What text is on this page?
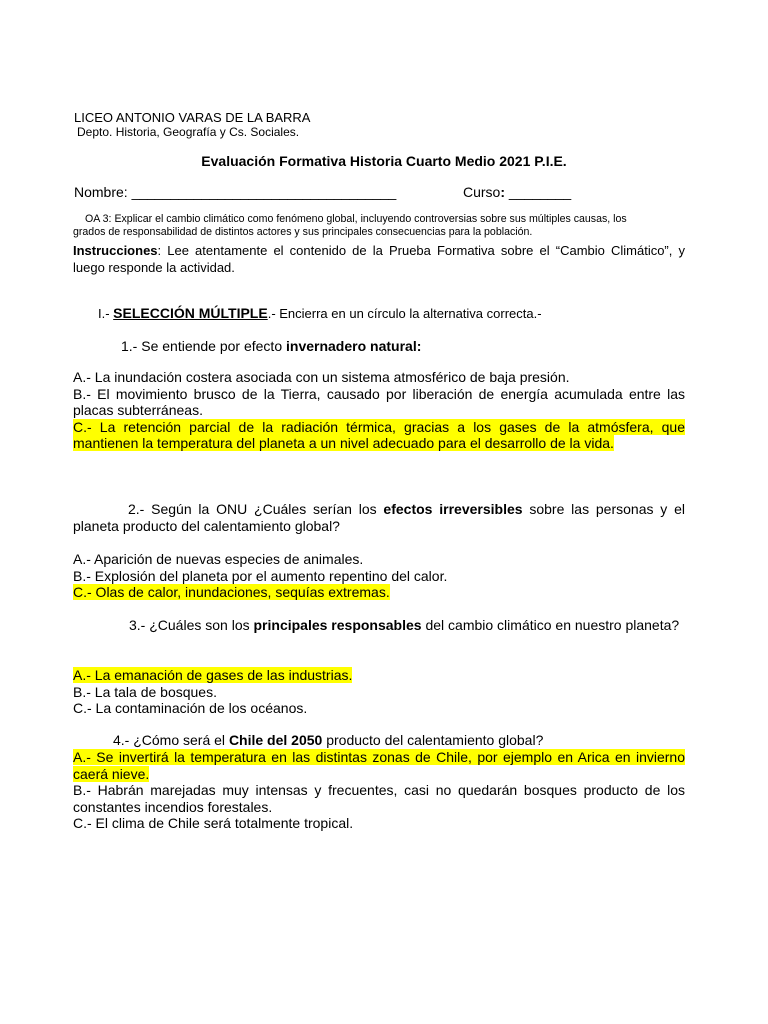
LICEO ANTONIO VARAS DE LA BARRA
Depto. Historia, Geografía y Cs. Sociales.
Evaluación Formativa Historia Cuarto Medio 2021 P.I.E.
Nombre: __________________________________	Curso: ________
OA 3: Explicar el cambio climático como fenómeno global, incluyendo controversias sobre sus múltiples causas, los
grados de responsabilidad de distintos actores y sus principales consecuencias para la población.
Instrucciones: Lee atentamente el contenido de la Prueba Formativa sobre el “Cambio Climático”, y luego responde la actividad.
I.- SELECCIÓN MÚLTIPLE.- Encierra en un círculo la alternativa correcta.-
1.- Se entiende por efecto invernadero natural:
A.- La inundación costera asociada con un sistema atmosférico de baja presión.
B.- El movimiento brusco de la Tierra, causado por liberación de energía acumulada entre las placas subterráneas.
C.- La retención parcial de la radiación térmica, gracias a los gases de la atmósfera, que mantienen la temperatura del planeta a un nivel adecuado para el desarrollo de la vida.
2.- Según la ONU ¿Cuáles serían los efectos irreversibles sobre las personas y el planeta producto del calentamiento global?
A.- Aparición de nuevas especies de animales.
B.- Explosión del planeta por el aumento repentino del calor.
C.- Olas de calor, inundaciones, sequías extremas.
3.- ¿Cuáles son los principales responsables del cambio climático en nuestro planeta?
A.- La emanación de gases de las industrias.
B.- La tala de bosques.
C.- La contaminación de los océanos.
4.- ¿Cómo será el Chile del 2050 producto del calentamiento global?
A.- Se invertirá la temperatura en las distintas zonas de Chile, por ejemplo en Arica en invierno caerá nieve.
B.- Habrán marejadas muy intensas y frecuentes, casi no quedarán bosques producto de los constantes incendios forestales.
C.- El clima de Chile será totalmente tropical.
